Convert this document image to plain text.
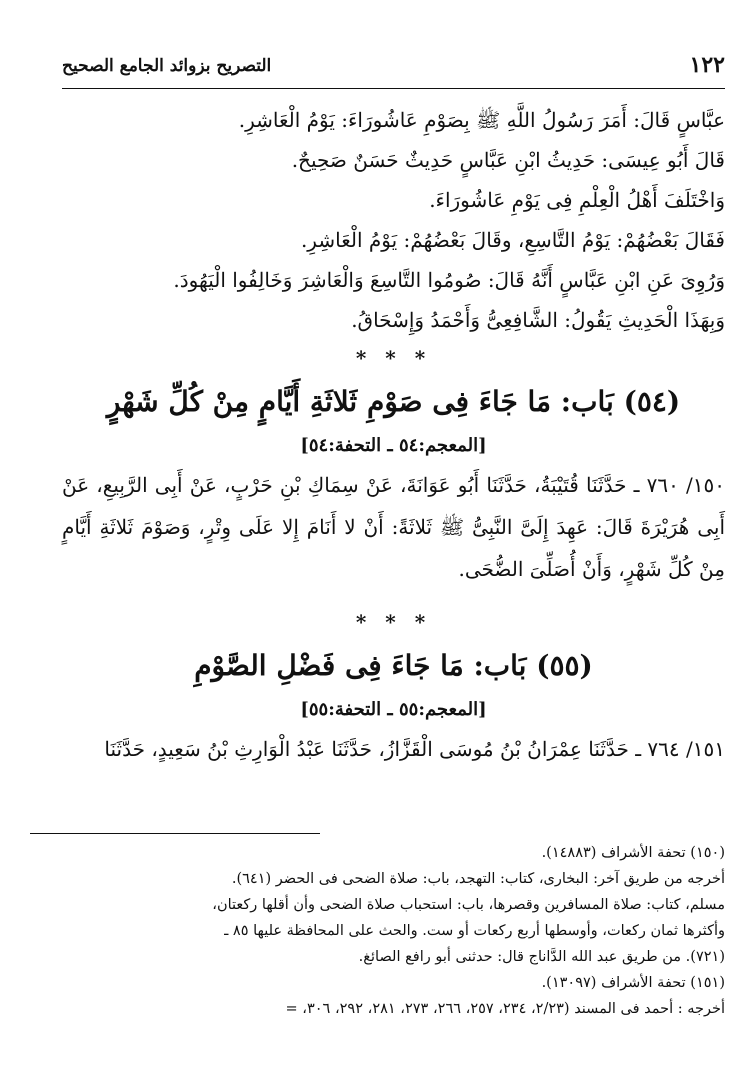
١٢٢
التصريح بزوائد الجامع الصحيح

عبَّاسٍ قَالَ: أَمَرَ رَسُولُ اللَّهِ ﷺ بِصَوْمِ عَاشُورَاءَ: يَوْمُ الْعَاشِرِ.

قَالَ أَبُو عِيسَى: حَدِيثُ ابْنِ عَبَّاسٍ حَدِيثٌ حَسَنٌ صَحِيحٌ.

وَاخْتَلَفَ أَهْلُ الْعِلْمِ فِى يَوْمِ عَاشُورَاءَ.

فَقَالَ بَعْضُهُمْ: يَوْمُ التَّاسِعِ، وقَالَ بَعْضُهُمْ: يَوْمُ الْعَاشِرِ.

وَرُوِىَ عَنِ ابْنِ عَبَّاسٍ أَنَّهُ قَالَ: صُومُوا التَّاسِعَ وَالْعَاشِرَ وَخَالِفُوا الْيَهُودَ.

وَبِهَذَا الْحَدِيثِ يَقُولُ: الشَّافِعِىُّ وَأَحْمَدُ وَإِسْحَاقُ.

* * *
(٥٤) بَاب: مَا جَاءَ فِى صَوْمِ ثَلاثَةِ أَيَّامٍ مِنْ كُلِّ شَهْرٍ
[المعجم:٥٤ ـ التحفة:٥٤]

١٥٠/ ٧٦٠ ـ حَدَّثَنَا قُتَيْبَةُ، حَدَّثَنَا أَبُو عَوَانَةَ، عَنْ سِمَاكِ بْنِ حَرْبٍ، عَنْ أَبِى الرَّبِيعِ، عَنْ أَبِى هُرَيْرَةَ قَالَ: عَهِدَ إِلَىَّ النَّبِىُّ ﷺ ثَلاثَةً: أَنْ لا أَنَامَ إِلا عَلَى وِتْرٍ، وَصَوْمَ ثَلاثَةِ أَيَّامٍ مِنْ كُلِّ شَهْرٍ، وَأَنْ أُصَلِّىَ الضُّحَى.

* * *
(٥٥) بَاب: مَا جَاءَ فِى فَضْلِ الصَّوْمِ
[المعجم:٥٥ ـ التحفة:٥٥]

١٥١/ ٧٦٤ ـ حَدَّثَنَا عِمْرَانُ بْنُ مُوسَى الْقَزَّازُ، حَدَّثَنَا عَبْدُ الْوَارِثِ بْنُ سَعِيدٍ، حَدَّثَنَا

(١٥٠) تحفة الأشراف (١٤٨٨٣).

أخرجه من طريق آخر: البخارى، كتاب: التهجد، باب: صلاة الضحى فى الحضر (٦٤١).

مسلم، كتاب: صلاة المسافرين وقصرها، باب: استحباب صلاة الضحى وأن أقلها ركعتان،

وأكثرها ثمان ركعات، وأوسطها أربع ركعات أو ست. والحث على المحافظة عليها ٨٥ ـ

(٧٢١). من طريق عبد الله الدَّاناج قال: حدثنى أبو رافع الصائغ.

(١٥١) تحفة الأشراف (١٣٠٩٧).

أخرجه : أحمد فى المسند (٢/٢٣، ٢٣٤، ٢٥٧، ٢٦٦، ٢٧٣، ٢٨١، ٢٩٢، ٣٠٦، =
